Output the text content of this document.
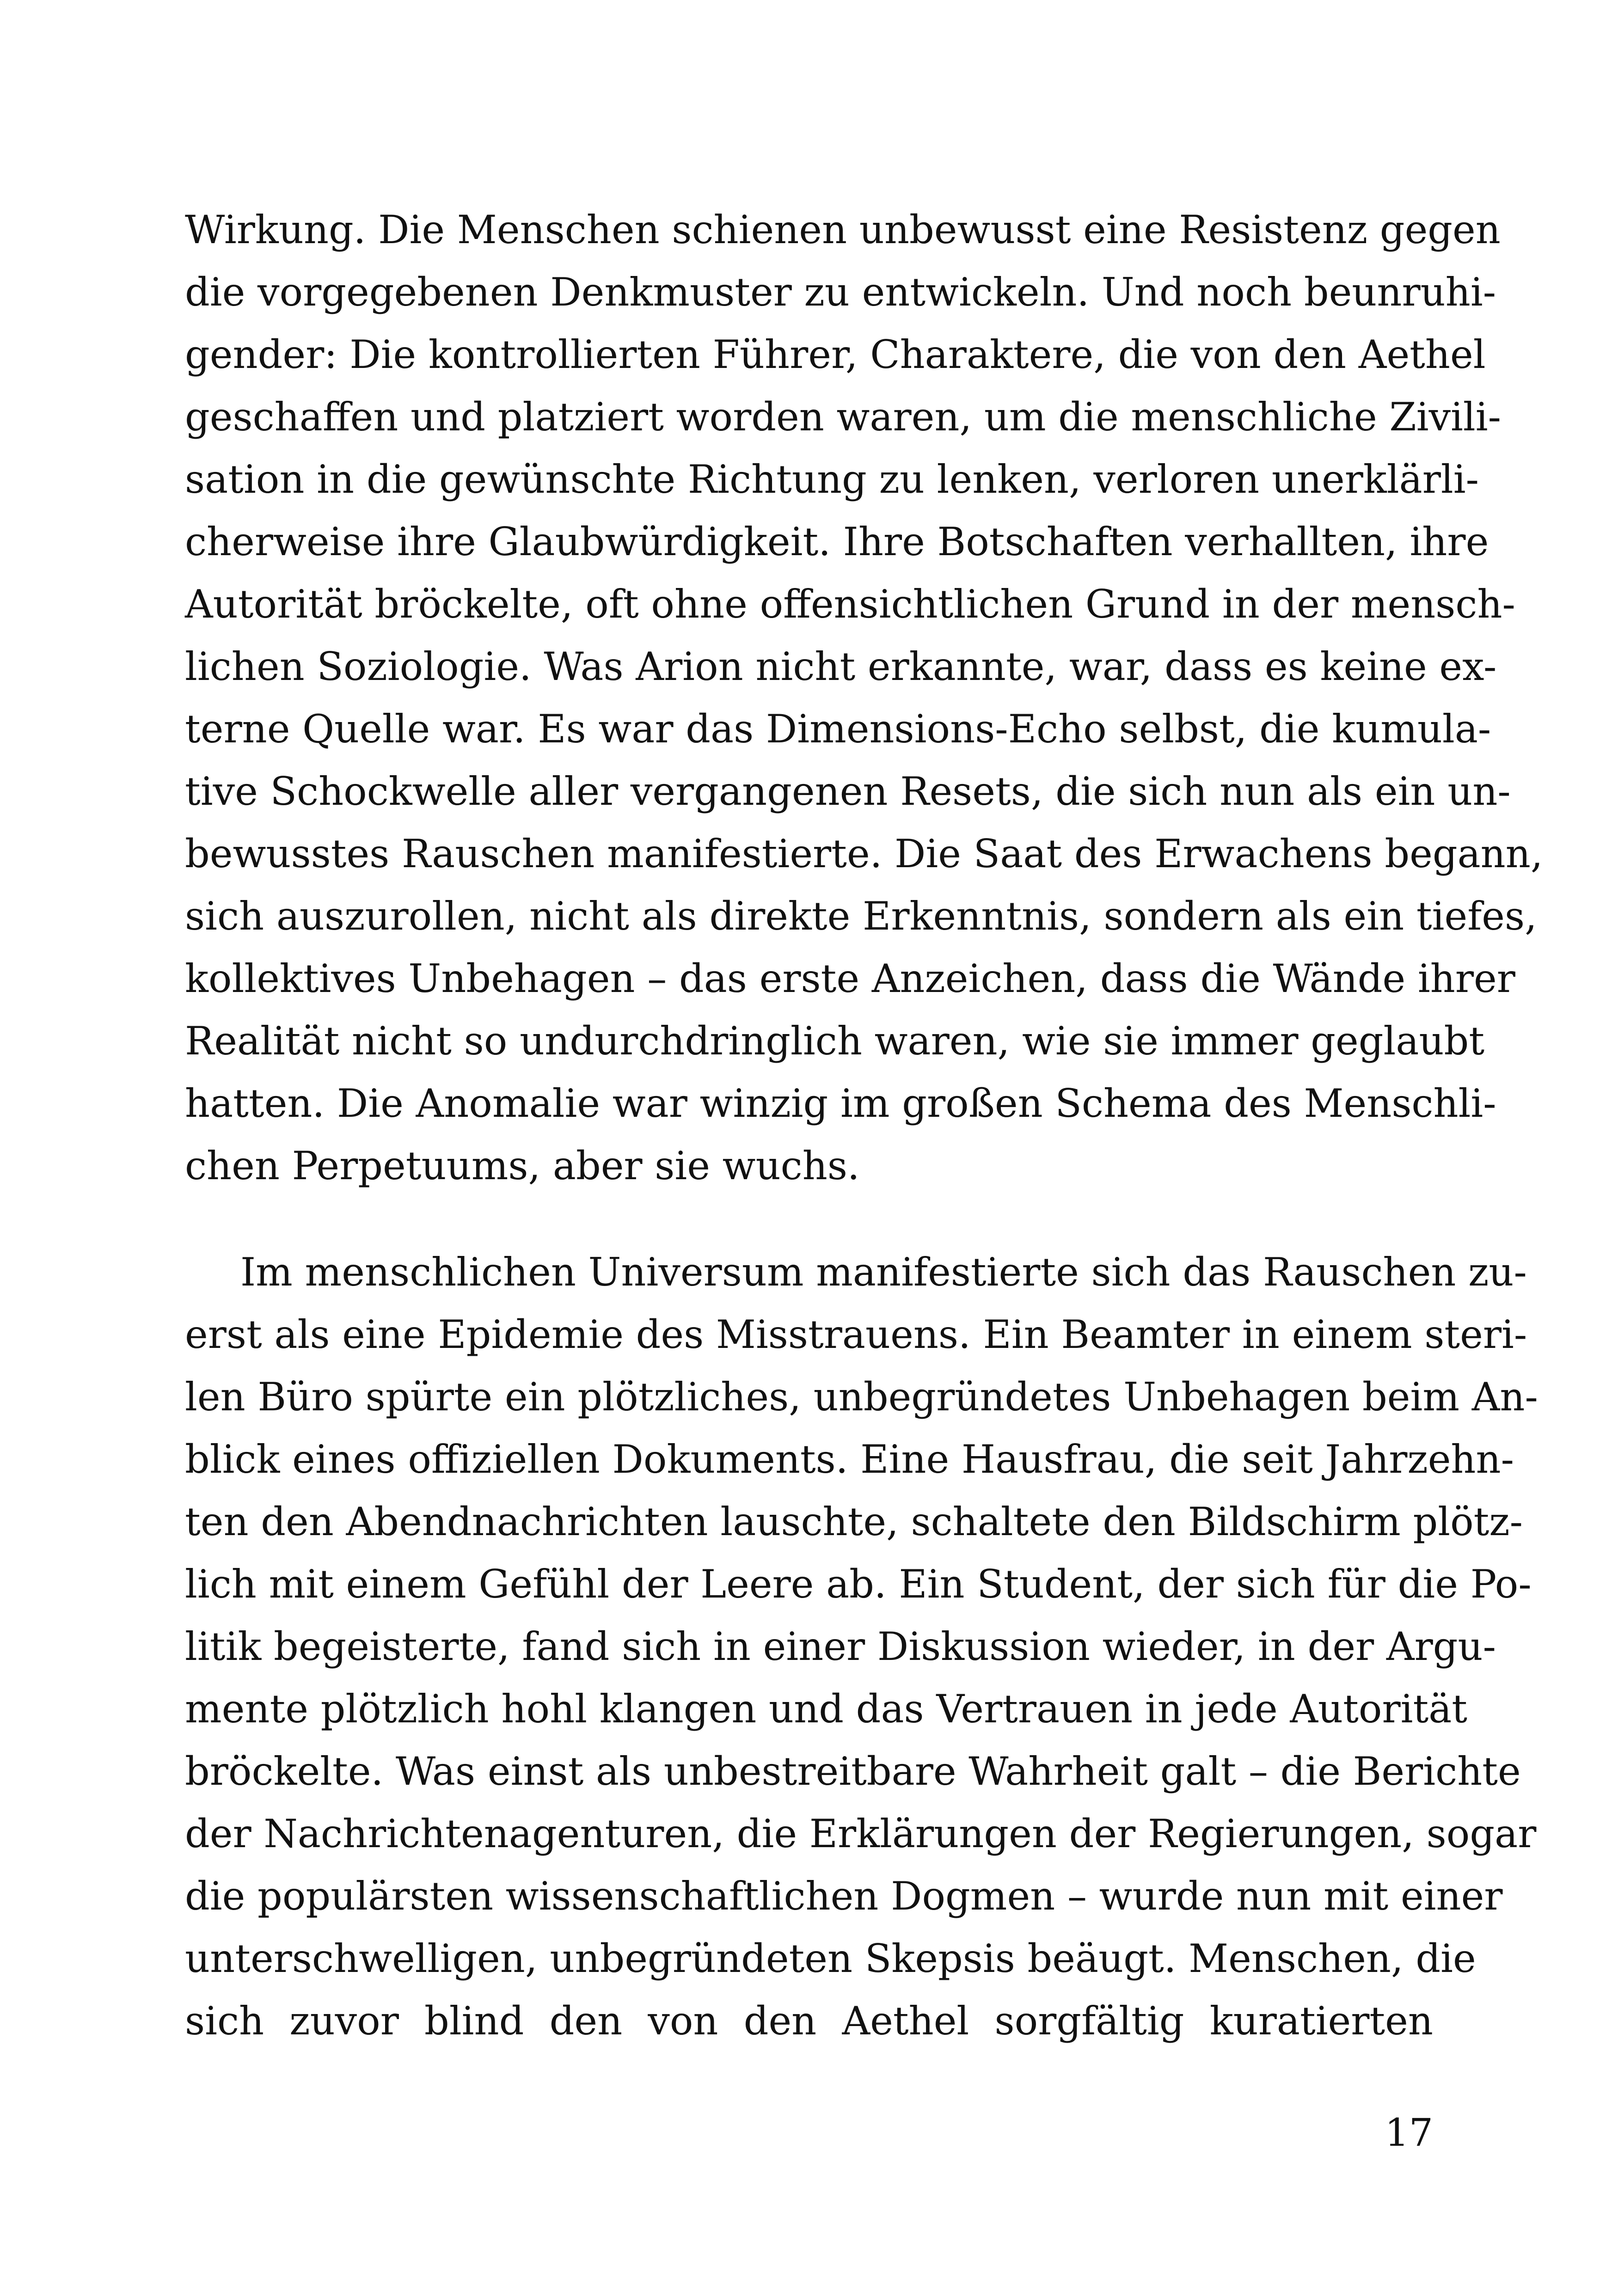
Wirkung. Die Menschen schienen unbewusst eine Resistenz gegen
die vorgegebenen Denkmuster zu entwickeln. Und noch beunruhi-
gender: Die kontrollierten Führer, Charaktere, die von den Aethel
geschaffen und platziert worden waren, um die menschliche Zivili-
sation in die gewünschte Richtung zu lenken, verloren unerklärli-
cherweise ihre Glaubwürdigkeit. Ihre Botschaften verhallten, ihre
Autorität bröckelte, oft ohne offensichtlichen Grund in der mensch-
lichen Soziologie. Was Arion nicht erkannte, war, dass es keine ex-
terne Quelle war. Es war das Dimensions-Echo selbst, die kumula-
tive Schockwelle aller vergangenen Resets, die sich nun als ein un-
bewusstes Rauschen manifestierte. Die Saat des Erwachens begann,
sich auszurollen, nicht als direkte Erkenntnis, sondern als ein tiefes,
kollektives Unbehagen – das erste Anzeichen, dass die Wände ihrer
Realität nicht so undurchdringlich waren, wie sie immer geglaubt
hatten. Die Anomalie war winzig im großen Schema des Menschli-
chen Perpetuums, aber sie wuchs.
Im menschlichen Universum manifestierte sich das Rauschen zu-
erst als eine Epidemie des Misstrauens. Ein Beamter in einem steri-
len Büro spürte ein plötzliches, unbegründetes Unbehagen beim An-
blick eines offiziellen Dokuments. Eine Hausfrau, die seit Jahrzehn-
ten den Abendnachrichten lauschte, schaltete den Bildschirm plötz-
lich mit einem Gefühl der Leere ab. Ein Student, der sich für die Po-
litik begeisterte, fand sich in einer Diskussion wieder, in der Argu-
mente plötzlich hohl klangen und das Vertrauen in jede Autorität
bröckelte. Was einst als unbestreitbare Wahrheit galt – die Berichte
der Nachrichtenagenturen, die Erklärungen der Regierungen, sogar
die populärsten wissenschaftlichen Dogmen – wurde nun mit einer
unterschwelligen, unbegründeten Skepsis beäugt. Menschen, die
sich zuvor blind den von den Aethel sorgfältig kuratierten
17
